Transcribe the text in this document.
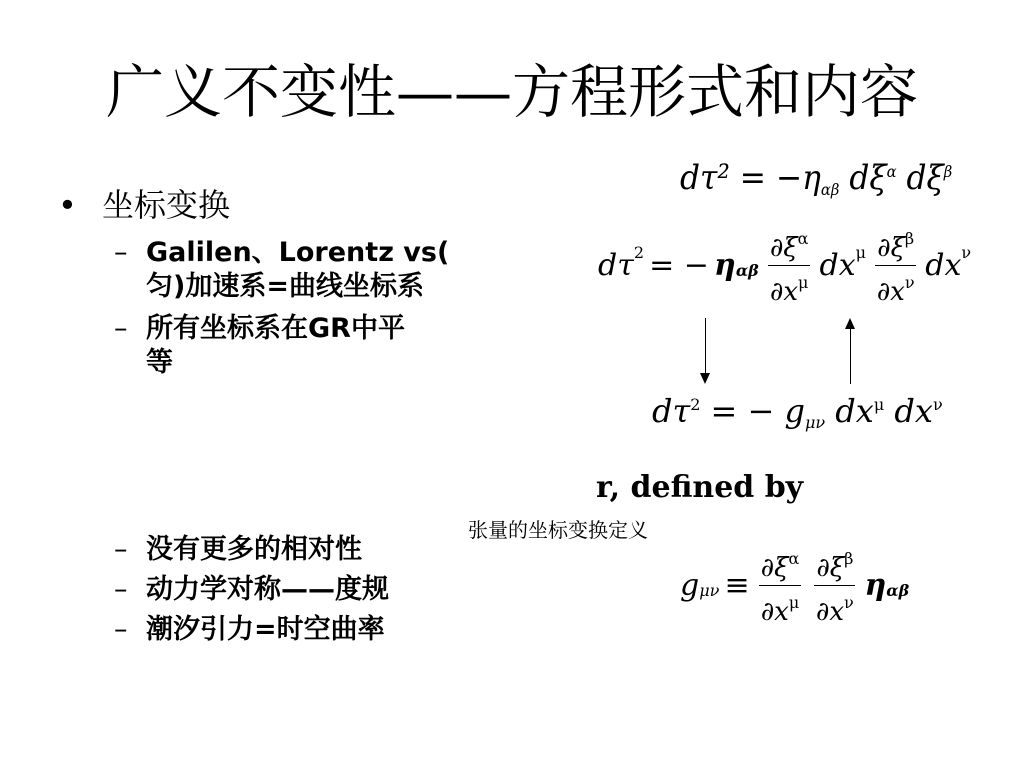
广义不变性——方程形式和内容
• 坐标变换
– Galilen、Lorentz vs(
匀)加速系=曲线坐标系
– 所有坐标系在GR中平
等
– 没有更多的相对性
– 动力学对称——度规
– 潮汐引力=时空曲率
$d\tau^2 = -\eta_{\alpha\beta}$ $d\xi^\alpha$ $d\xi^\beta$
$d\tau^2$ = − $\eta_{\alpha\beta} \frac{\partial\xi^\alpha}{\partial x^\mu} dx^\mu \frac{\partial\xi^\beta}{\partial x^\nu} dx^\nu$
$d\tau^2$ = − $g_{\mu\nu}$ $dx^\mu$ $dx^\nu$
r, defined by
张量的坐标变换定义
$g_{\mu\nu} \equiv \frac{\partial\xi^\alpha}{\partial x^\mu}$
$\frac{\partial\xi^\beta}{\partial x^\nu} \eta_{\alpha\beta}$
